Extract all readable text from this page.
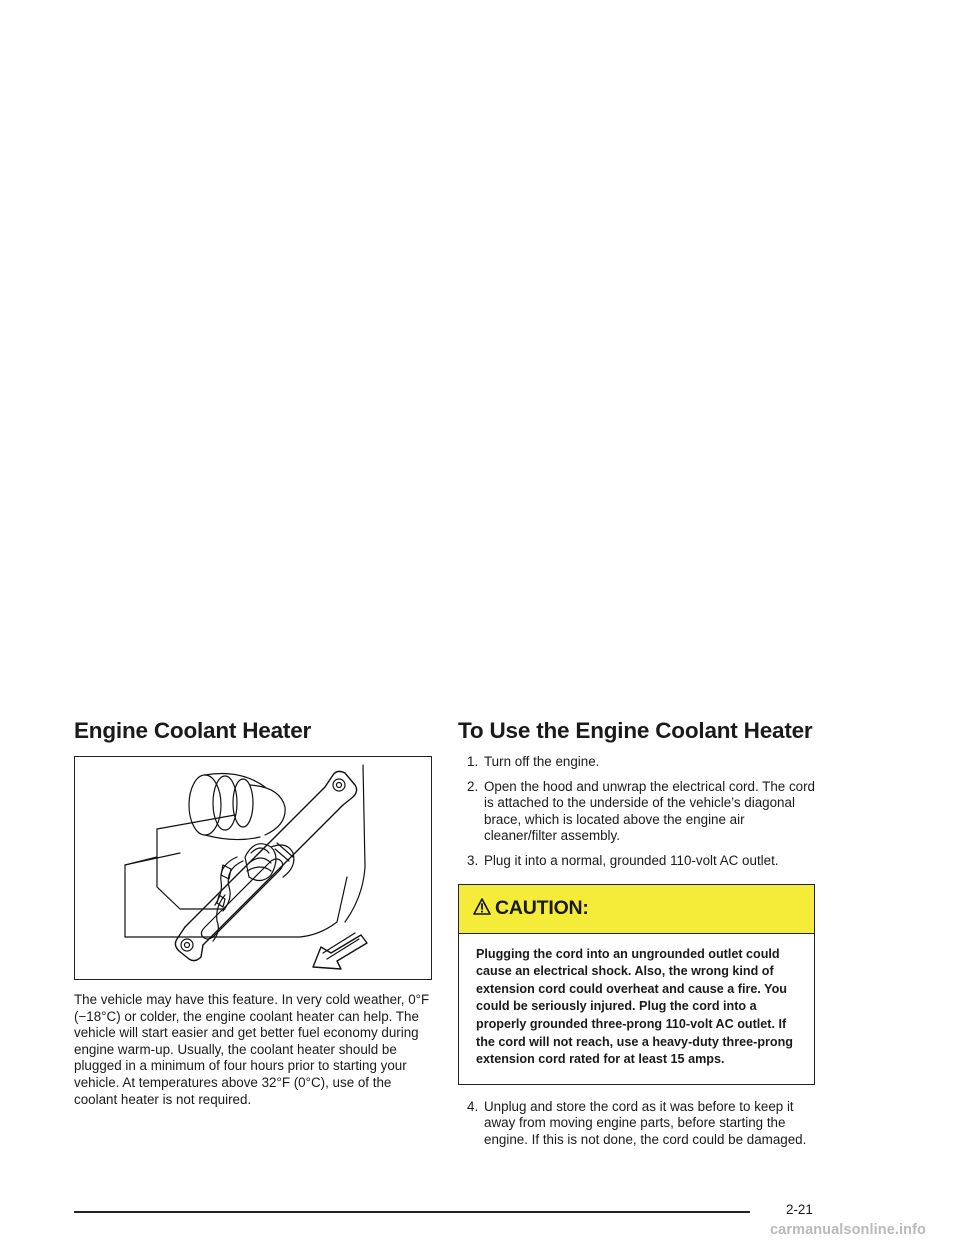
Engine Coolant Heater

The vehicle may have this feature. In very cold weather, 0°F (−18°C) or colder, the engine coolant heater can help. The vehicle will start easier and get better fuel economy during engine warm-up. Usually, the coolant heater should be plugged in a minimum of four hours prior to starting your vehicle. At temperatures above 32°F (0°C), use of the coolant heater is not required.

To Use the Engine Coolant Heater
1. Turn off the engine.
2. Open the hood and unwrap the electrical cord. The cord is attached to the underside of the vehicle’s diagonal brace, which is located above the engine air cleaner/filter assembly.
3. Plug it into a normal, grounded 110-volt AC outlet.
CAUTION:
Plugging the cord into an ungrounded outlet could cause an electrical shock. Also, the wrong kind of extension cord could overheat and cause a fire. You could be seriously injured. Plug the cord into a properly grounded three-prong 110-volt AC outlet. If the cord will not reach, use a heavy-duty three-prong extension cord rated for at least 15 amps.
4. Unplug and store the cord as it was before to keep it away from moving engine parts, before starting the engine. If this is not done, the cord could be damaged.
2-21
carmanualsonline.info
